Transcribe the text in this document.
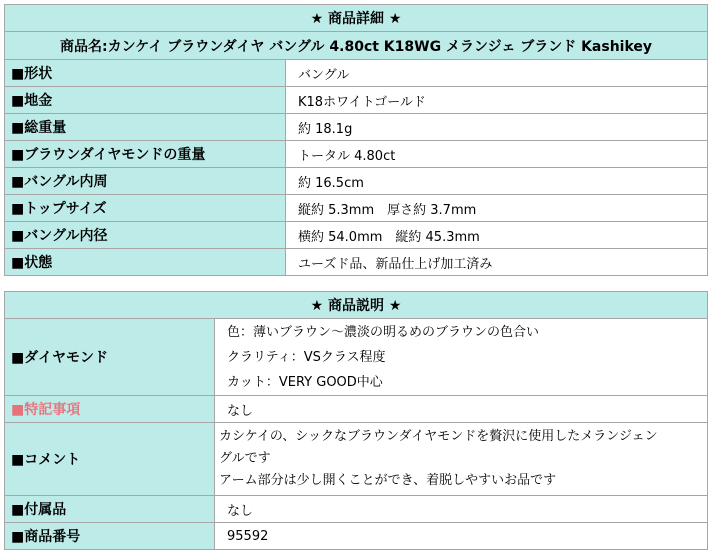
★ 商品詳細 ★	
商品名:カンケイ ブラウンダイヤ バングル 4.80ct K18WG メランジェ ブランド Kashikey	
■形状	バングル
■地金	K18ホワイトゴールド
■総重量	約 18.1g
■ブラウンダイヤモンドの重量	トータル 4.80ct
■バングル内周	約 16.5cm
■トップサイズ	縦約 5.3mm　厚さ約 3.7mm
■バングル内径	横約 54.0mm　縦約 45.3mm
■状態	ユーズド品、新品仕上げ加工済み
★ 商品説明 ★	
■ダイヤモンド	色：薄いブラウン～濃淡の明るめのブラウンの色合い
クラリティ：VSクラス程度
カット：VERY GOOD中心

■特記事項	なし
■コメント	カシケイの、シックなブラウンダイヤモンドを贅沢に使用したメランジェン
グルです
アーム部分は少し開くことができ、着脱しやすいお品です

■付属品	なし
■商品番号	95592
